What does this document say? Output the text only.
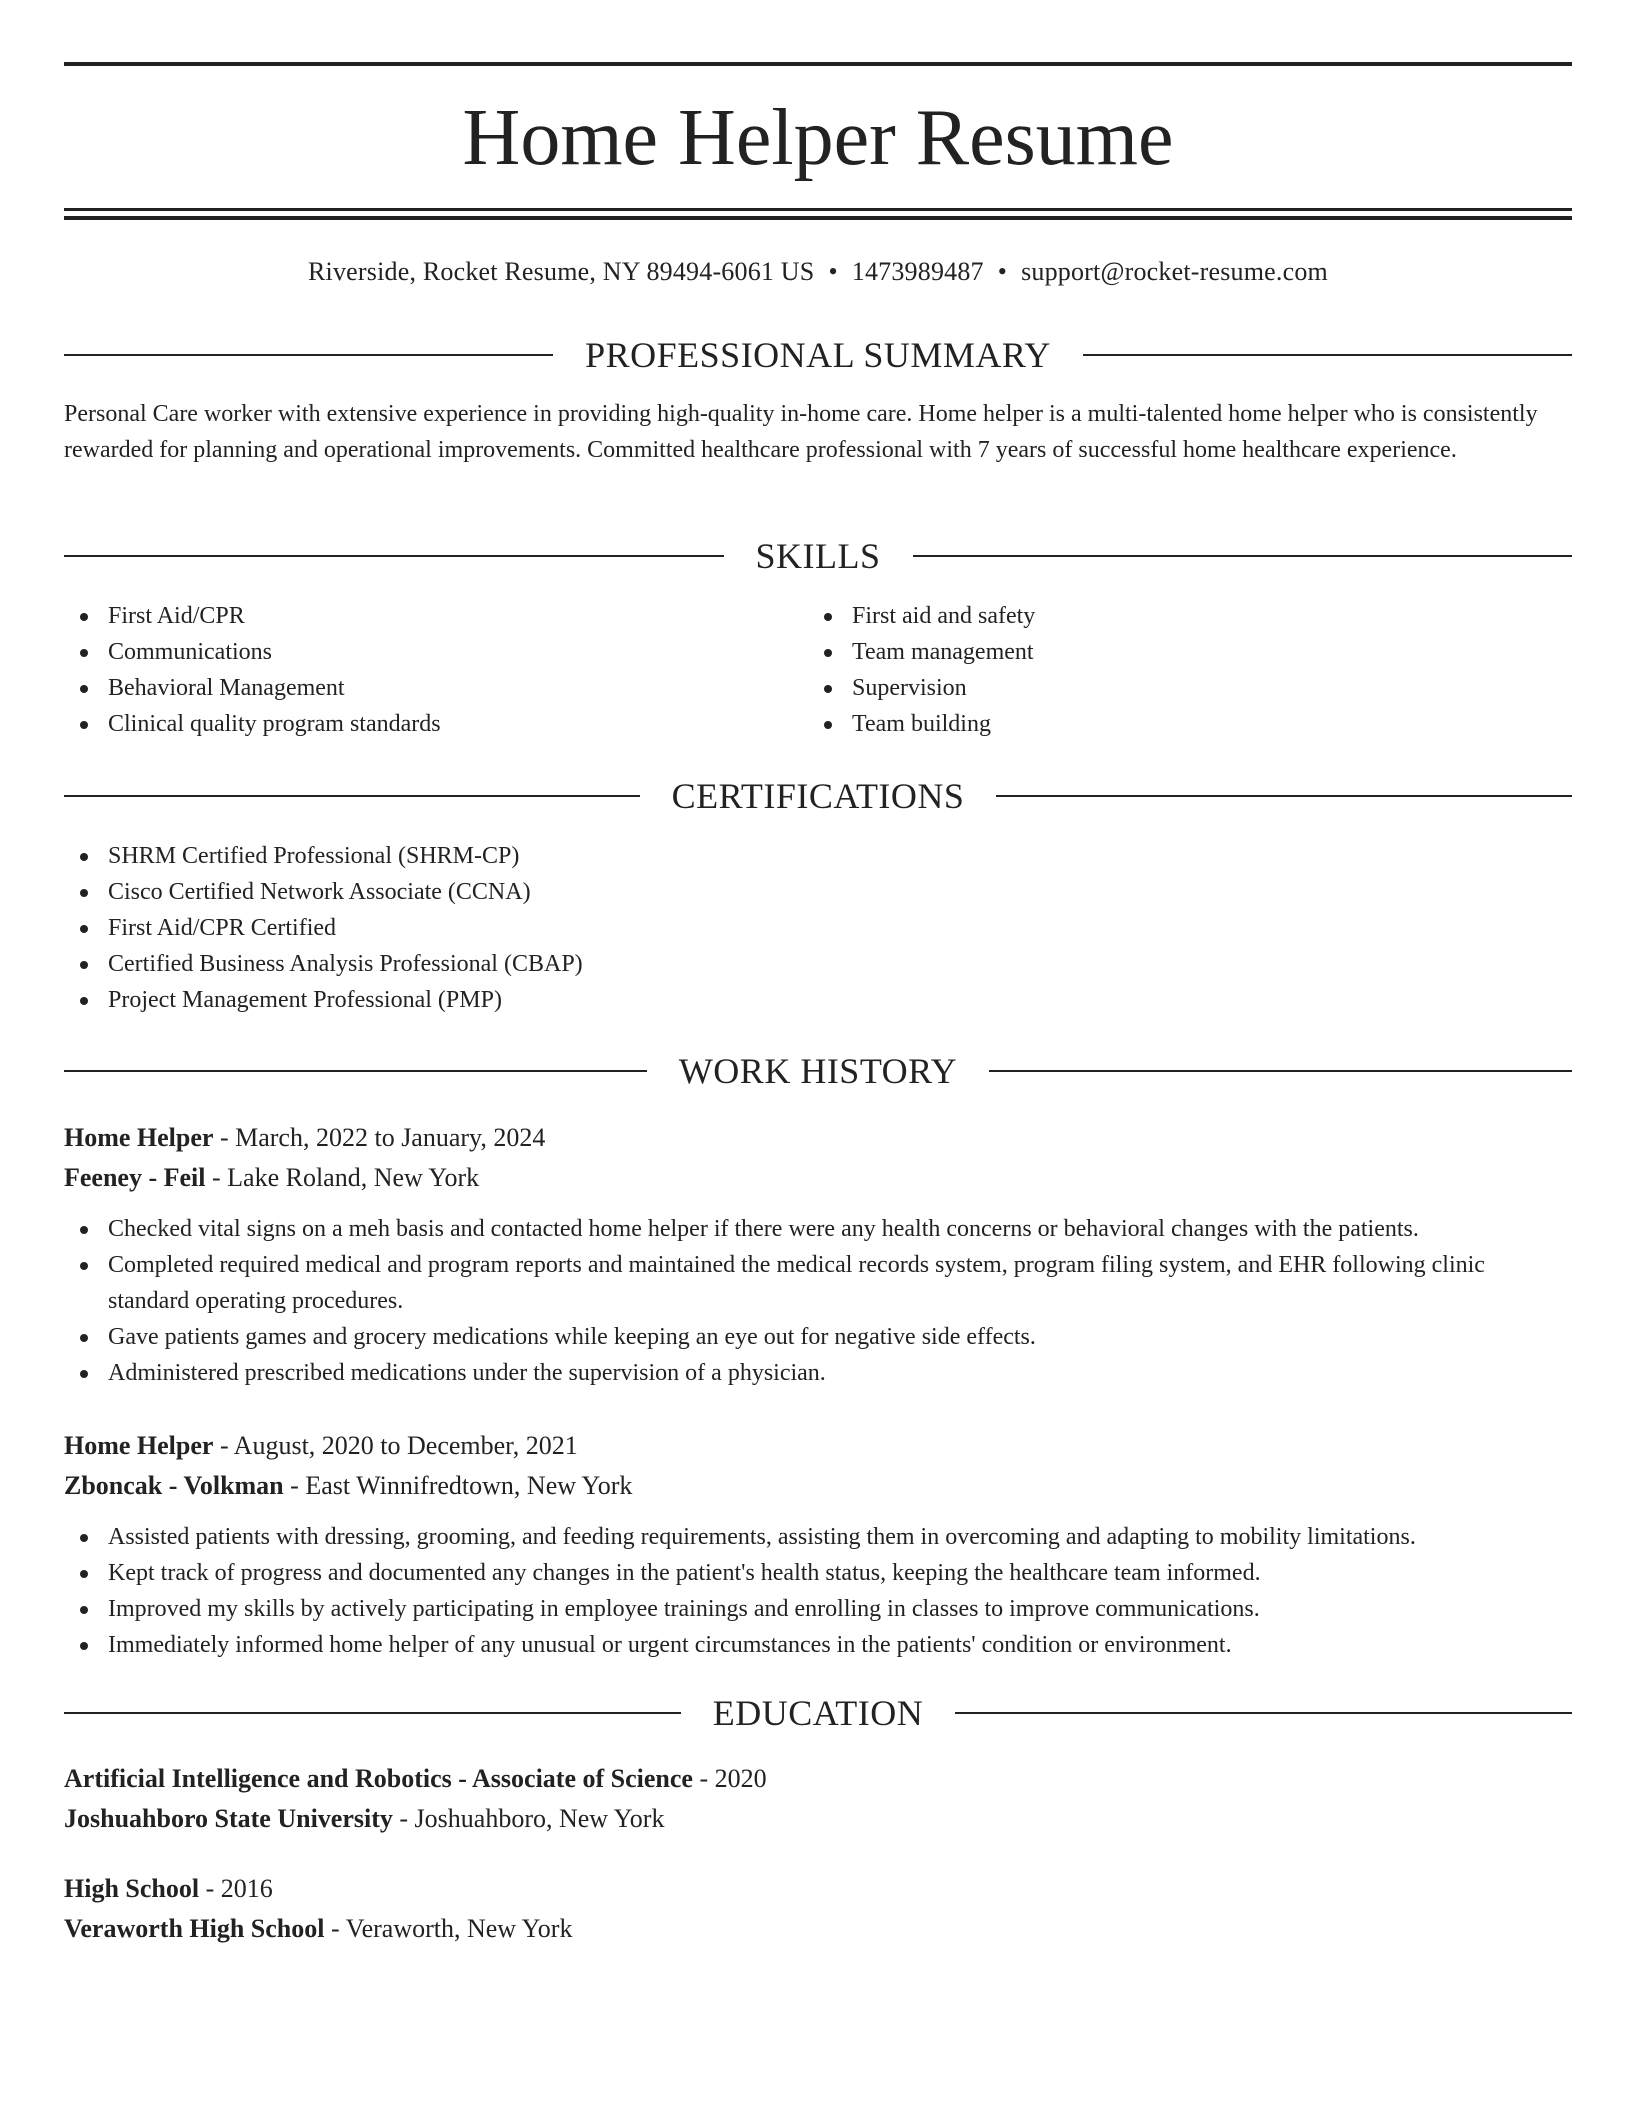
Home Helper Resume
Riverside, Rocket Resume, NY 89494-6061 US • 1473989487 • support@rocket-resume.com
PROFESSIONAL SUMMARY

Personal Care worker with extensive experience in providing high-quality in-home care. Home helper is a multi-talented home helper who is consistently rewarded for planning and operational improvements. Committed healthcare professional with 7 years of successful home healthcare experience.

SKILLS
First Aid/CPR
Communications
Behavioral Management
Clinical quality program standards
First aid and safety
Team management
Supervision
Team building
CERTIFICATIONS
SHRM Certified Professional (SHRM-CP)
Cisco Certified Network Associate (CCNA)
First Aid/CPR Certified
Certified Business Analysis Professional (CBAP)
Project Management Professional (PMP)
WORK HISTORY
Home Helper - March, 2022 to January, 2024
Feeney - Feil - Lake Roland, New York
Checked vital signs on a meh basis and contacted home helper if there were any health concerns or behavioral changes with the patients.
Completed required medical and program reports and maintained the medical records system, program filing system, and EHR following clinic standard operating procedures.
Gave patients games and grocery medications while keeping an eye out for negative side effects.
Administered prescribed medications under the supervision of a physician.
Home Helper - August, 2020 to December, 2021
Zboncak - Volkman - East Winnifredtown, New York
Assisted patients with dressing, grooming, and feeding requirements, assisting them in overcoming and adapting to mobility limitations.
Kept track of progress and documented any changes in the patient's health status, keeping the healthcare team informed.
Improved my skills by actively participating in employee trainings and enrolling in classes to improve communications.
Immediately informed home helper of any unusual or urgent circumstances in the patients' condition or environment.
EDUCATION
Artificial Intelligence and Robotics - Associate of Science - 2020
Joshuahboro State University - Joshuahboro, New York
High School - 2016
Veraworth High School - Veraworth, New York
